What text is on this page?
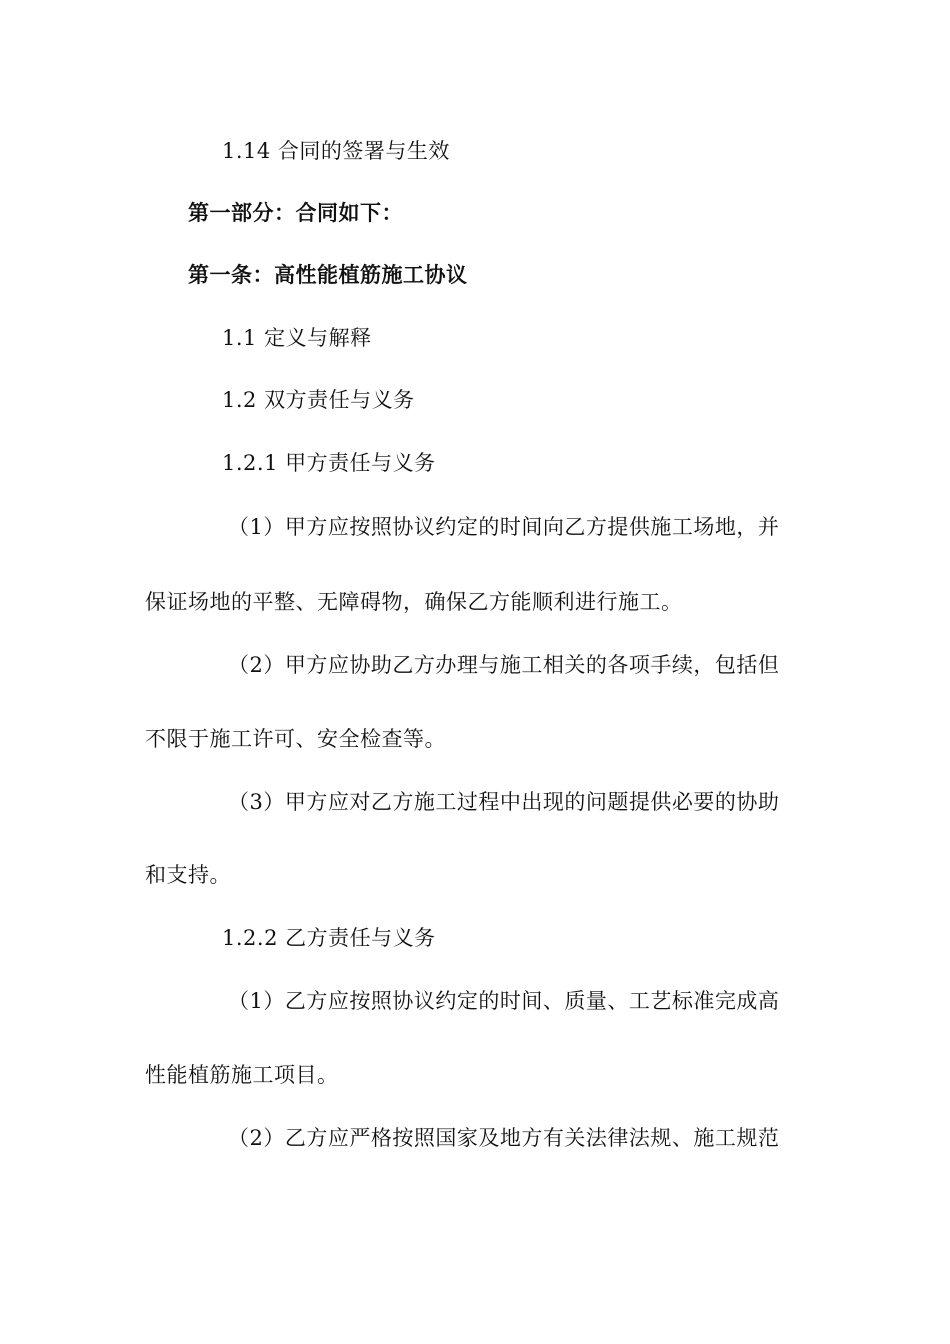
1.14 合同的签署与生效
第一部分：合同如下：
第一条：高性能植筋施工协议
1.1 定义与解释
1.2 双方责任与义务
1.2.1 甲方责任与义务
（1）甲方应按照协议约定的时间向乙方提供施工场地，并
保证场地的平整、无障碍物，确保乙方能顺利进行施工。
（2）甲方应协助乙方办理与施工相关的各项手续，包括但
不限于施工许可、安全检查等。
（3）甲方应对乙方施工过程中出现的问题提供必要的协助
和支持。
1.2.2 乙方责任与义务
（1）乙方应按照协议约定的时间、质量、工艺标准完成高
性能植筋施工项目。
（2）乙方应严格按照国家及地方有关法律法规、施工规范
